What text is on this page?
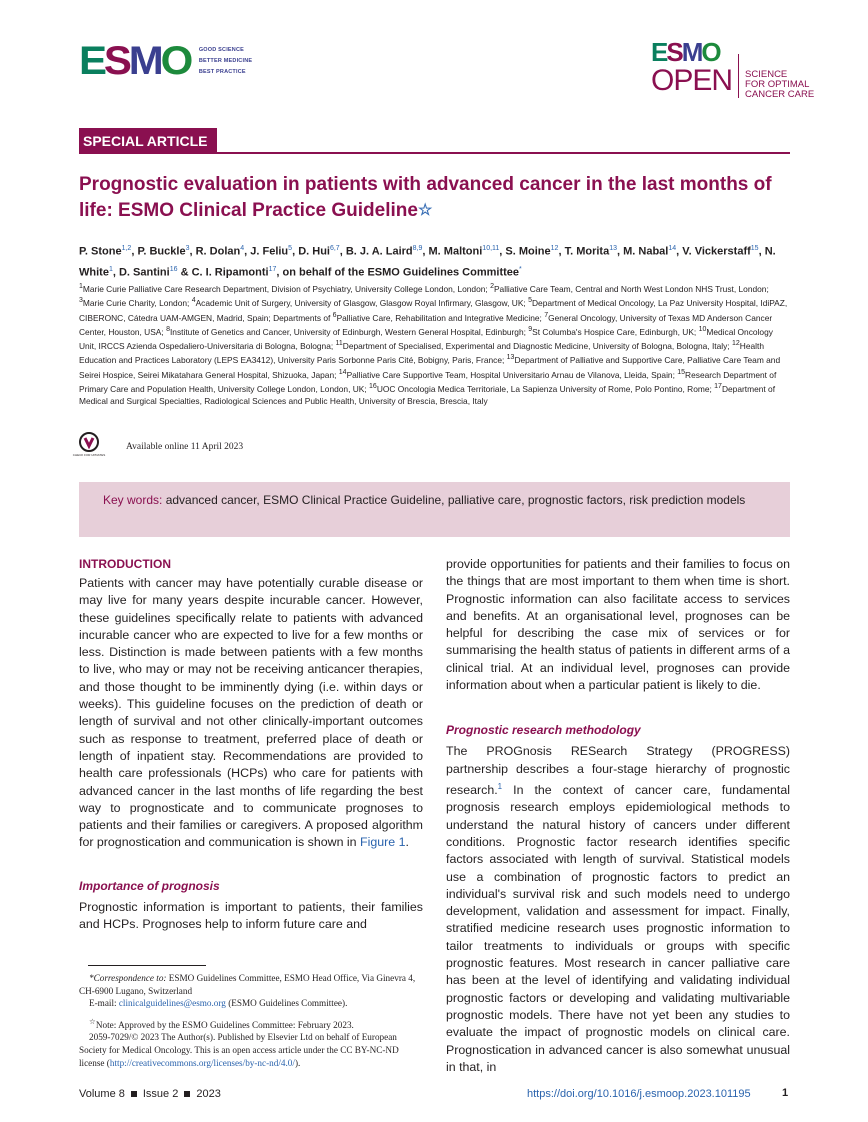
ESMO GOOD SCIENCE
BETTER MEDICINE
BEST PRACTICE
ESMO
OPEN SCIENCE
FOR OPTIMAL
CANCER CARE
SPECIAL ARTICLE
Prognostic evaluation in patients with advanced cancer in the last months of life: ESMO Clinical Practice Guideline☆
P. Stone$^{1,2}$, P. Buckle$^3$, R. Dolan$^4$, J. Feliu$^5$, D. Hui$^{6,7}$, B. J. A. Laird$^{8,9}$, M. Maltoni$^{10,11}$, S. Moine$^{12}$, T. Morita$^{13}$, M. Nabal$^{14}$, V. Vickerstaff$^{15}$, N. White$^1$, D. Santini$^{16}$ & C. I. Ripamonti$^{17}$, on behalf of the ESMO Guidelines Committee*
$^1$Marie Curie Palliative Care Research Department, Division of Psychiatry, University College London, London; $^2$Palliative Care Team, Central and North West London NHS Trust, London; $^3$Marie Curie Charity, London; $^4$Academic Unit of Surgery, University of Glasgow, Glasgow Royal Infirmary, Glasgow, UK; $^5$Department of Medical Oncology, La Paz University Hospital, IdiPAZ, CIBERONC, Cátedra UAM-AMGEN, Madrid, Spain; Departments of $^6$Palliative Care, Rehabilitation and Integrative Medicine; $^7$General Oncology, University of Texas MD Anderson Cancer Center, Houston, USA; $^8$Institute of Genetics and Cancer, University of Edinburgh, Western General Hospital, Edinburgh; $^9$St Columba's Hospice Care, Edinburgh, UK; $^{10}$Medical Oncology Unit, IRCCS Azienda Ospedaliero-Universitaria di Bologna, Bologna; $^{11}$Department of Specialised, Experimental and Diagnostic Medicine, University of Bologna, Bologna, Italy; $^{12}$Health Education and Practices Laboratory (LEPS EA3412), University Paris Sorbonne Paris Cité, Bobigny, Paris, France; $^{13}$Department of Palliative and Supportive Care, Palliative Care Team and Seirei Hospice, Seirei Mikatahara General Hospital, Shizuoka, Japan; $^{14}$Palliative Care Supportive Team, Hospital Universitario Arnau de Vilanova, Lleida, Spain; $^{15}$Research Department of Primary Care and Population Health, University College London, London, UK; $^{16}$UOC Oncologia Medica Territoriale, La Sapienza University of Rome, Polo Pontino, Rome; $^{17}$Department of Medical and Surgical Specialties, Radiological Sciences and Public Health, University of Brescia, Brescia, Italy
CHECK FOR UPDATES
Available online 11 April 2023
Key words: advanced cancer, ESMO Clinical Practice Guideline, palliative care, prognostic factors, risk prediction models
INTRODUCTION

Patients with cancer may have potentially curable disease or may live for many years despite incurable cancer. However, these guidelines specifically relate to patients with advanced incurable cancer who are expected to live for a few months or less. Distinction is made between patients with a few months to live, who may or may not be receiving anticancer therapies, and those thought to be imminently dying (i.e. within days or weeks). This guideline focuses on the prediction of death or length of survival and not other clinically-important outcomes such as response to treatment, preferred place of death or length of inpatient stay. Recommendations are provided to health care professionals (HCPs) who care for patients with advanced cancer in the last months of life regarding the best way to prognosticate and to communicate prognoses to patients and their families or caregivers. A proposed algorithm for prognostication and communication is shown in Figure 1.

Importance of prognosis

Prognostic information is important to patients, their families and HCPs. Prognoses help to inform future care and

provide opportunities for patients and their families to focus on the things that are most important to them when time is short. Prognostic information can also facilitate access to services and benefits. At an organisational level, prognoses can be helpful for describing the case mix of services or for summarising the health status of patients in different arms of a clinical trial. At an individual level, prognoses can provide information about when a particular patient is likely to die.

Prognostic research methodology

The PROGnosis RESearch Strategy (PROGRESS) partnership describes a four-stage hierarchy of prognostic research.$^1$ In the context of cancer care, fundamental prognosis research employs epidemiological methods to understand the natural history of cancers under different conditions. Prognostic factor research identifies specific factors associated with length of survival. Statistical models use a combination of prognostic factors to predict an individual's survival risk and such models need to undergo development, validation and assessment for impact. Finally, stratified medicine research uses prognostic information to tailor treatments to individuals or groups with specific prognostic features. Most research in cancer palliative care has been at the level of identifying and validating individual prognostic factors or developing and validating multivariable prognostic models. There have not yet been any studies to evaluate the impact of prognostic models on clinical care. Prognostication in advanced cancer is also somewhat unusual in that, in

*Correspondence to: ESMO Guidelines Committee, ESMO Head Office, Via Ginevra 4, CH-6900 Lugano, Switzerland

E-mail: clinicalguidelines@esmo.org (ESMO Guidelines Committee).

☆Note: Approved by the ESMO Guidelines Committee: February 2023.

2059-7029/© 2023 The Author(s). Published by Elsevier Ltd on behalf of European Society for Medical Oncology. This is an open access article under the CC BY-NC-ND license (http://creativecommons.org/licenses/by-nc-nd/4.0/).

Volume 8 Issue 2 2023	https://doi.org/10.1016/j.esmoop.2023.101195	1
